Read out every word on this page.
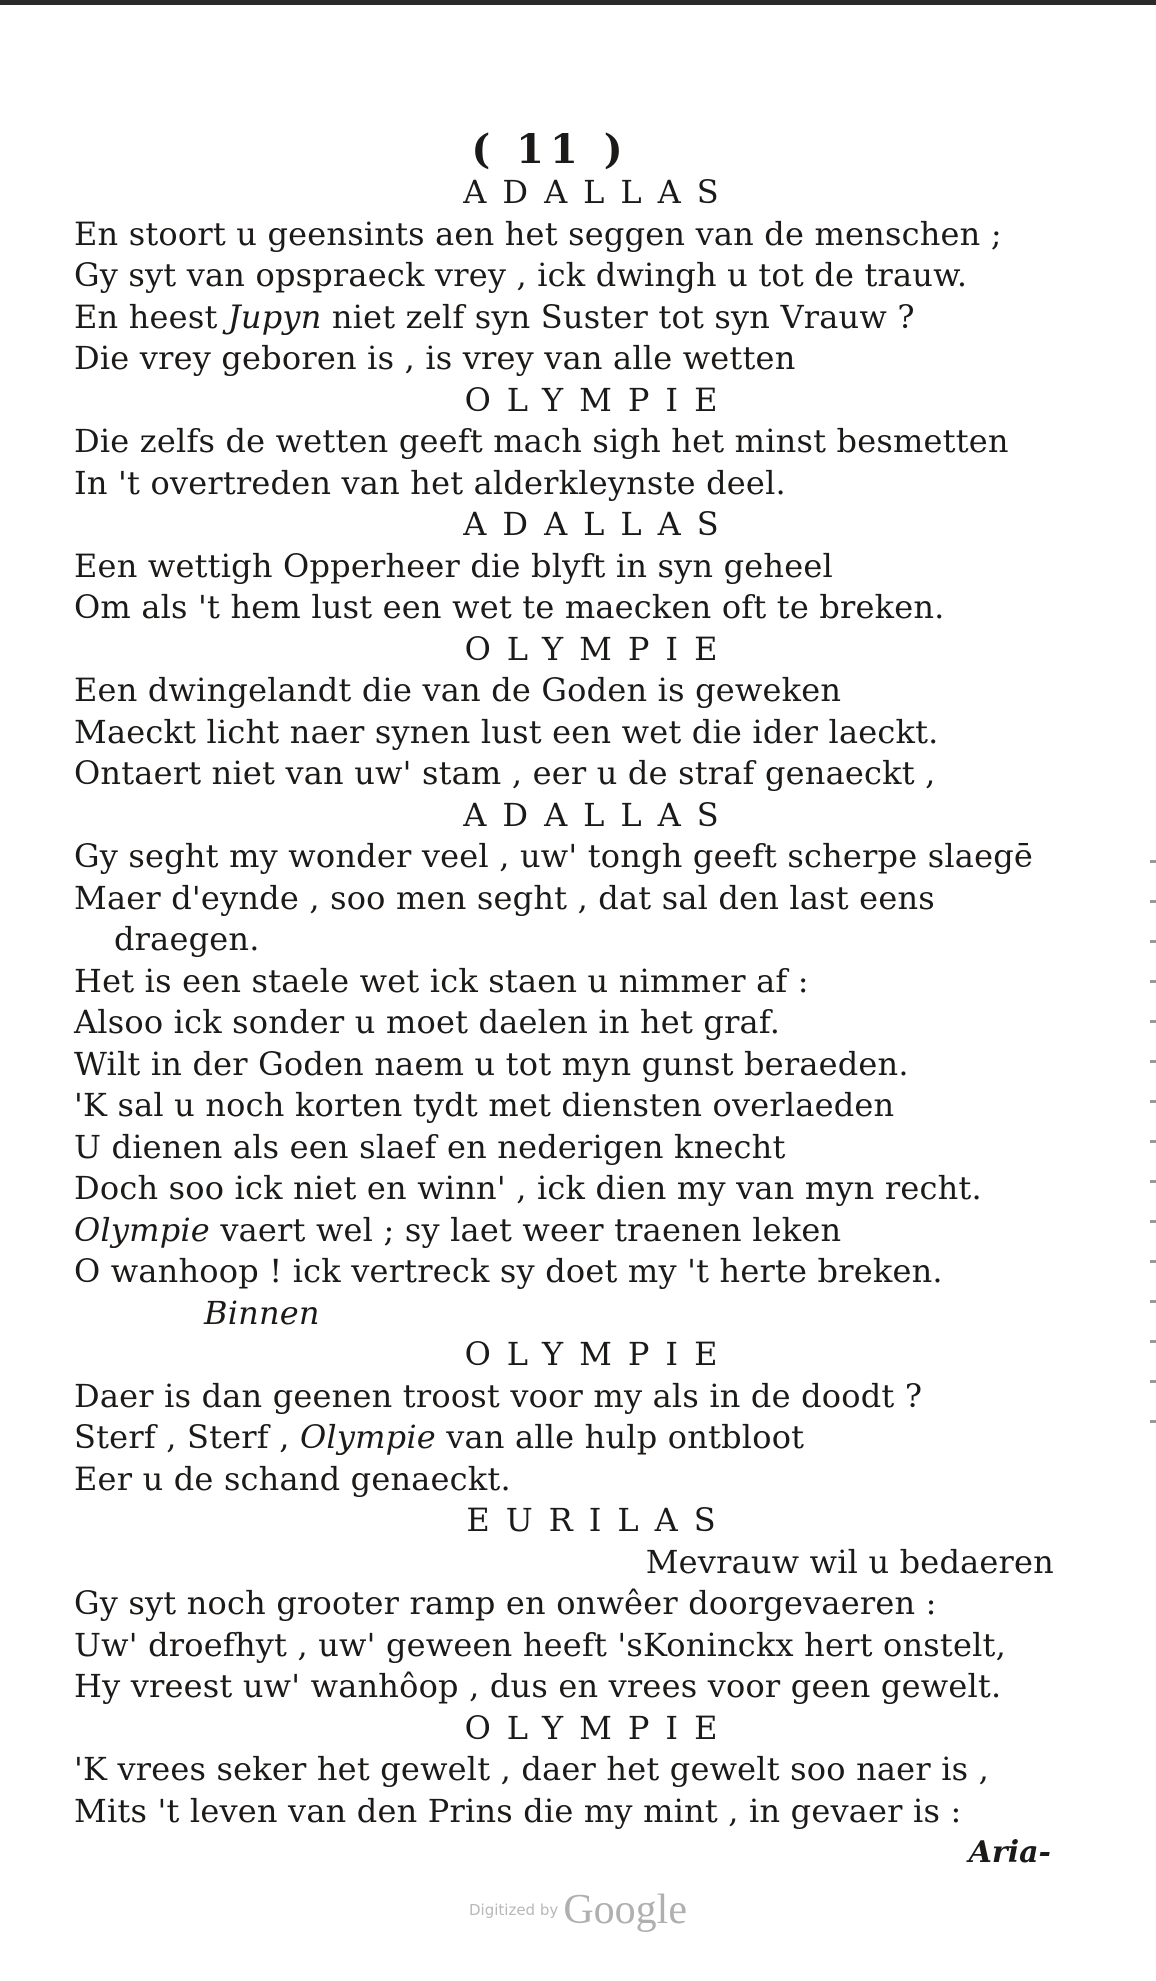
( 11 )
ADALLAS
En stoort u geensints aen het seggen van de menschen ;
Gy syt van opspraeck vrey , ick dwingh u tot de trauw.
En heest Jupyn niet zelf syn Suster tot syn Vrauw ?
Die vrey geboren is , is vrey van alle wetten
OLYMPIE
Die zelfs de wetten geeft mach sigh het minst besmetten
In 't overtreden van het alderkleynste deel.
ADALLAS
Een wettigh Opperheer die blyft in syn geheel
Om als 't hem lust een wet te maecken oft te breken.
OLYMPIE
Een dwingelandt die van de Goden is geweken
Maeckt licht naer synen lust een wet die ider laeckt.
Ontaert niet van uw' stam , eer u de straf genaeckt ,
ADALLAS
Gy seght my wonder veel , uw' tongh geeft scherpe slaegē
Maer d'eynde , soo men seght , dat sal den last eens
draegen.
Het is een staele wet ick staen u nimmer af :
Alsoo ick sonder u moet daelen in het graf.
Wilt in der Goden naem u tot myn gunst beraeden.
'K sal u noch korten tydt met diensten overlaeden
U dienen als een slaef en nederigen knecht
Doch soo ick niet en winn' , ick dien my van myn recht.
Olympie vaert wel ; sy laet weer traenen leken
O wanhoop ! ick vertreck sy doet my 't herte breken.
Binnen
OLYMPIE
Daer is dan geenen troost voor my als in de doodt ?
Sterf , Sterf , Olympie van alle hulp ontbloot
Eer u de schand genaeckt.
EURILAS
Mevrauw wil u bedaeren
Gy syt noch grooter ramp en onwêer doorgevaeren :
Uw' droefhyt , uw' geween heeft 'sKoninckx hert onstelt,
Hy vreest uw' wanhôop , dus en vrees voor geen gewelt.
OLYMPIE
'K vrees seker het gewelt , daer het gewelt soo naer is ,
Mits 't leven van den Prins die my mint , in gevaer is :
Aria-
Digitized by Google
